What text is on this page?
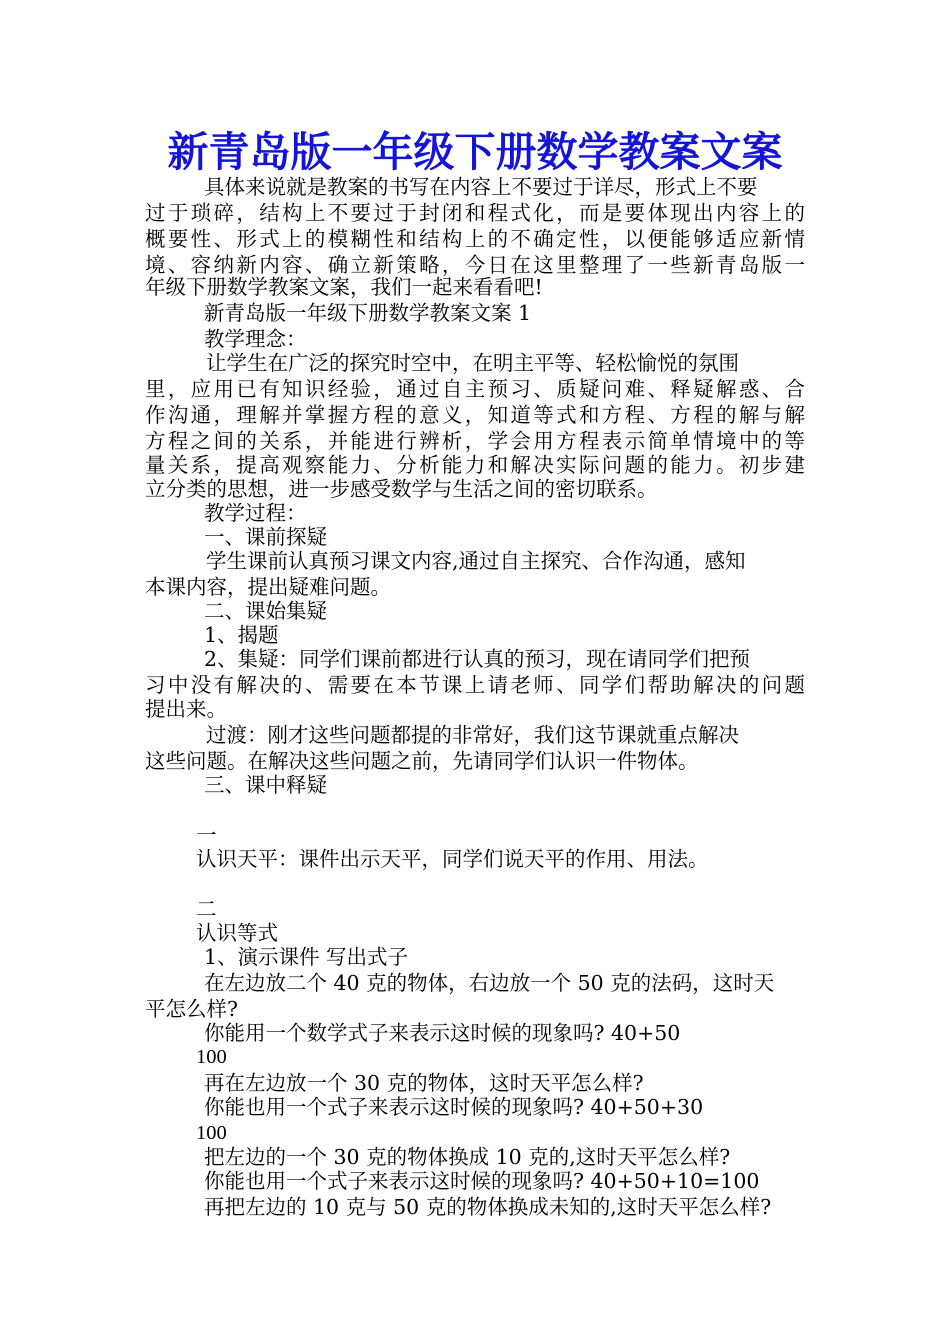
新青岛版一年级下册数学教案文案
具体来说就是教案的书写在内容上不要过于详尽，形式上不要
过于琐碎，结构上不要过于封闭和程式化，而是要体现出内容上的
概要性、形式上的模糊性和结构上的不确定性，以便能够适应新情
境、容纳新内容、确立新策略，今日在这里整理了一些新青岛版一
年级下册数学教案文案，我们一起来看看吧!
新青岛版一年级下册数学教案文案 1
教学理念：
让学生在广泛的探究时空中，在明主平等、轻松愉悦的氛围
里，应用已有知识经验，通过自主预习、质疑问难、释疑解惑、合
作沟通，理解并掌握方程的意义，知道等式和方程、方程的解与解
方程之间的关系，并能进行辨析，学会用方程表示简单情境中的等
量关系，提高观察能力、分析能力和解决实际问题的能力。初步建
立分类的思想，进一步感受数学与生活之间的密切联系。
教学过程：
一、课前探疑
学生课前认真预习课文内容,通过自主探究、合作沟通，感知
本课内容，提出疑难问题。
二、课始集疑
1、揭题
2、集疑：同学们课前都进行认真的预习，现在请同学们把预
习中没有解决的、需要在本节课上请老师、同学们帮助解决的问题
提出来。
过渡：刚才这些问题都提的非常好，我们这节课就重点解决
这些问题。在解决这些问题之前，先请同学们认识一件物体。
三、课中释疑
一
认识天平：课件出示天平，同学们说天平的作用、用法。
二
认识等式
1、演示课件 写出式子
在左边放二个 40 克的物体，右边放一个 50 克的法码，这时天
平怎么样?
你能用一个数学式子来表示这时候的现象吗? 40+50
100
再在左边放一个 30 克的物体，这时天平怎么样?
你能也用一个式子来表示这时候的现象吗? 40+50+30
100
把左边的一个 30 克的物体换成 10 克的,这时天平怎么样?
你能也用一个式子来表示这时候的现象吗? 40+50+10=100
再把左边的 10 克与 50 克的物体换成未知的,这时天平怎么样?
